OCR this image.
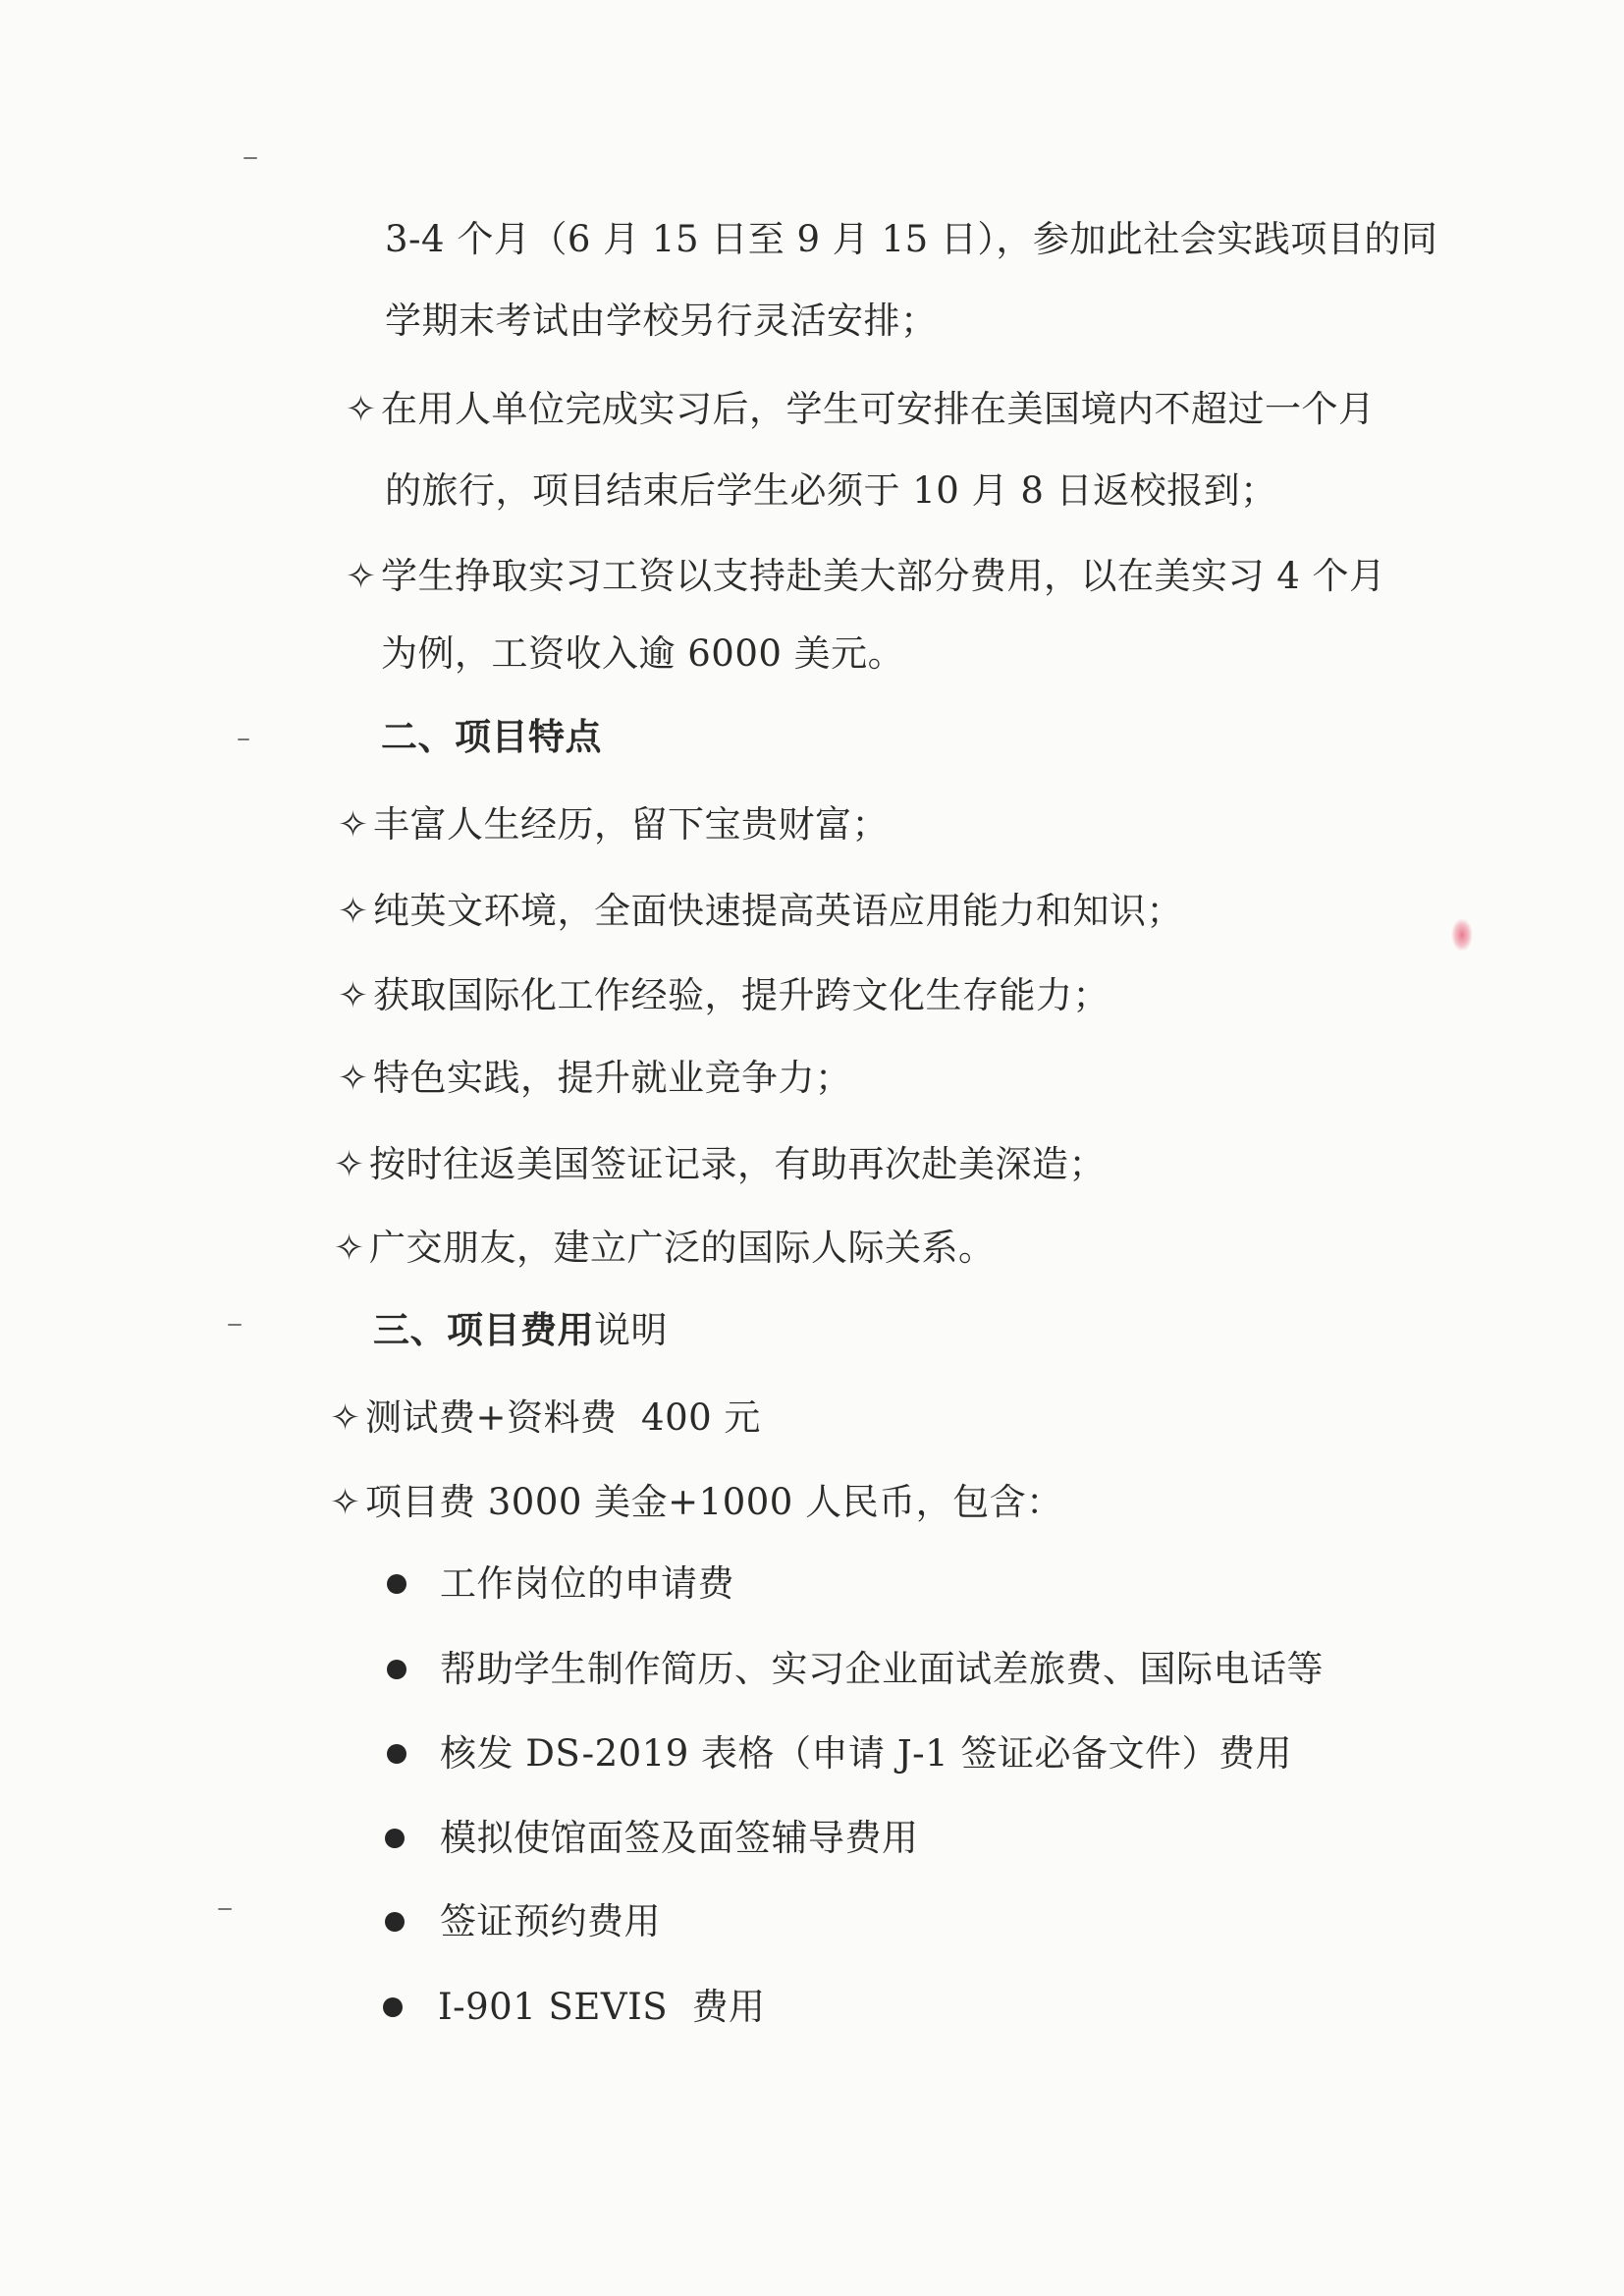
3-4 个月（6 月 15 日至 9 月 15 日），参加此社会实践项目的同
学期末考试由学校另行灵活安排；
✧ 在用人单位完成实习后，学生可安排在美国境内不超过一个月
的旅行，项目结束后学生必须于 10 月 8 日返校报到；
✧ 学生挣取实习工资以支持赴美大部分费用，以在美实习 4 个月
为例，工资收入逾 6000 美元。
二、项目特点
✧ 丰富人生经历，留下宝贵财富；
✧ 纯英文环境，全面快速提高英语应用能力和知识；
✧ 获取国际化工作经验，提升跨文化生存能力；
✧ 特色实践，提升就业竞争力；
✧ 按时往返美国签证记录，有助再次赴美深造；
✧ 广交朋友，建立广泛的国际人际关系。
三、项目费用说明
✧ 测试费+资料费  400 元
✧ 项目费 3000 美金+1000 人民币，包含：
工作岗位的申请费
帮助学生制作简历、实习企业面试差旅费、国际电话等
核发 DS-2019 表格（申请 J-1 签证必备文件）费用
模拟使馆面签及面签辅导费用
签证预约费用
I-901 SEVIS  费用
